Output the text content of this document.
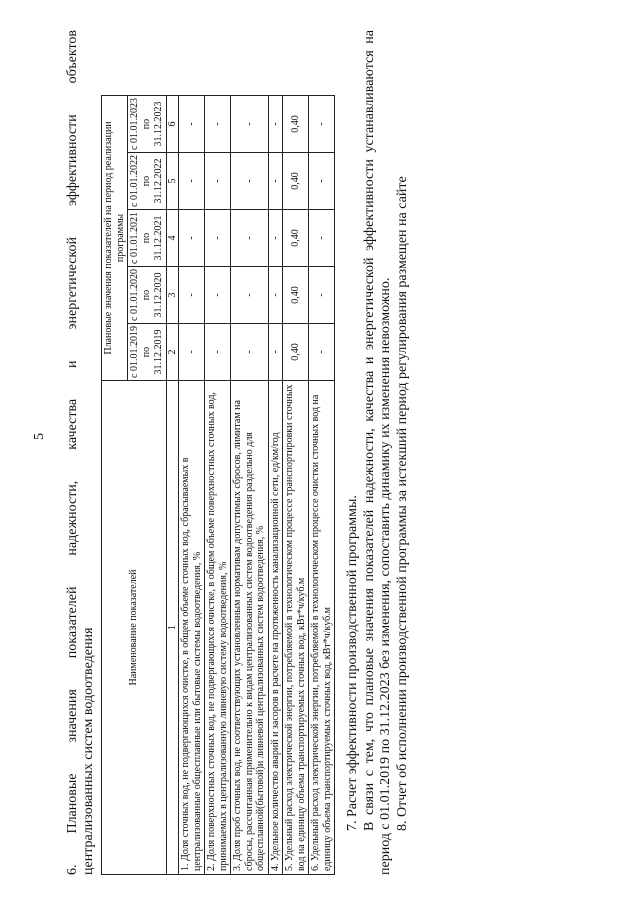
5 6. Плановые значения показателей надежности, качества и энергетической эффективности объектов централизованных систем водоотведения

Наименование показателей	Плановые значения показателей на период реализации программы				
	с 01.01.2019 по 31.12.2019	с 01.01.2020 по 31.12.2020	с 01.01.2021 по 31.12.2021	с 01.01.2022 по 31.12.2022	с 01.01.2023 по 31.12.2023
1	2	3	4	5	6
1. Доля сточных вод, не подвергающихся очистке, в общем объеме сточных вод, сбрасываемых в централизованные общесплавные или бытовые системы водоотведения, %	-	-	-	-	-
2. Доля поверхностных сточных вод, не подвергающихся очистке, в общем объеме поверхностных сточных вод, принимаемых в централизованную ливневую систему водоотведения, %	-	-	-	-	-
3. Доля проб сточных вод, не соответствующих установленным нормативам допустимых сбросов, лимитам на сбросы, рассчитанная применительно к видам централизованных систем водоотведения раздельно для общесплавной(бытовой)и ливневой централизованных систем водоотведения, %	-	-	-	-	-
4. Удельное количество аварий и засоров в расчете на протяженность канализационной сети, ед/км/год	-	-	-	-	-
5. Удельный расход электрической энергии, потребляемой в технологическом процессе транспортировки сточных вод на единицу объема транспортируемых сточных вод, кВт*ч/куб.м	0,40	0,40	0,40	0,40	0,40
6. Удельный расход электрической энергии, потребляемой в технологическом процессе очистки сточных вод на единицу объема транспортируемых сточных вод, кВт*ч/куб.м	-	-	-	-	-

7. Расчет эффективности производственной программы. В связи с тем, что плановые значения показателей надежности, качества и энергетической эффективности устанавливаются на период с 01.01.2019 по 31.12.2023 без изменения, сопоставить динамику их изменения невозможно. 8. Отчет об исполнении производственной программы за истекший период регулирования размещен на сайте
